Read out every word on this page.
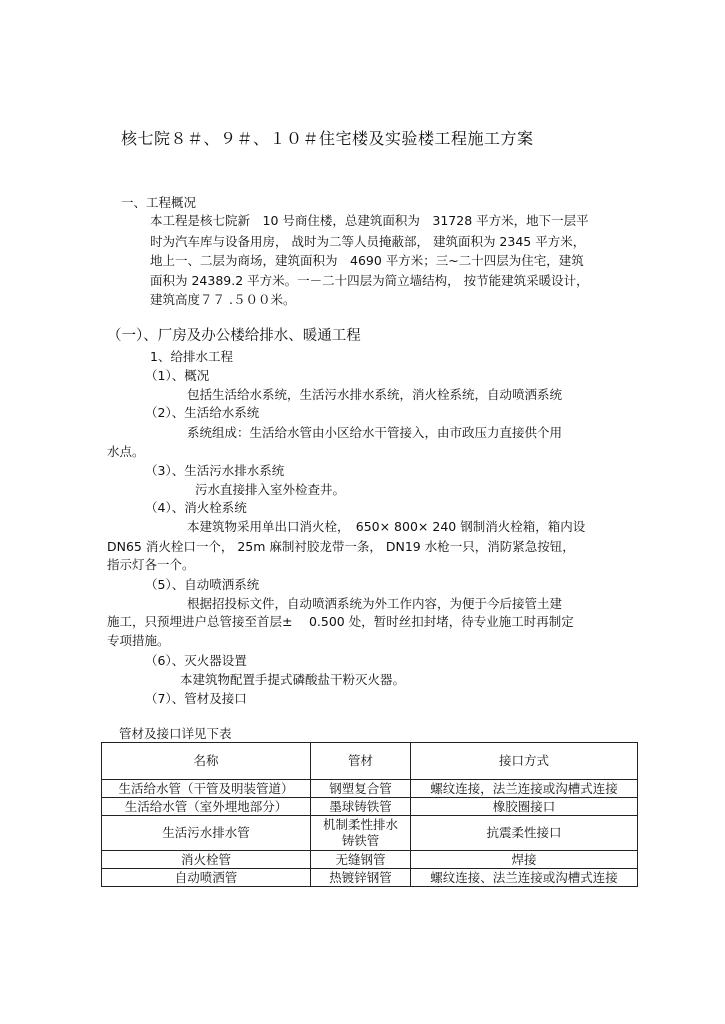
核七院８＃、９＃、１０＃住宅楼及实验楼工程施工方案
一、工程概况
本工程是核七院新　10 号商住楼，总建筑面积为　31728 平方米，地下一层平
时为汽车库与设备用房， 战时为二等人员掩蔽部， 建筑面积为 2345 平方米，
地上一、二层为商场，建筑面积为　4690 平方米；三~二十四层为住宅，建筑
面积为 24389.2 平方米。一－二十四层为简立墙结构， 按节能建筑采暖设计，
建筑高度７７ .５００米。
（一）、厂房及办公楼给排水、暖通工程
1、给排水工程
（1）、概况
包括生活给水系统，生活污水排水系统，消火栓系统，自动喷洒系统
（2）、生活给水系统
系统组成：生活给水管由小区给水干管接入，由市政压力直接供个用
水点。
（3）、生活污水排水系统
污水直接排入室外检查井。
（4）、消火栓系统
本建筑物采用单出口消火栓，　650× 800× 240 钢制消火栓箱，箱内设
DN65 消火栓口一个， 25m 麻制衬胶龙带一条， DN19 水枪一只，消防紧急按钮，
指示灯各一个。
（5）、自动喷洒系统
根据招投标文件，自动喷洒系统为外工作内容，为便于今后接管土建
施工，只预埋进户总管接至首层±　 0.500 处，暂时丝扣封堵，待专业施工时再制定
专项措施。
（6）、灭火器设置
本建筑物配置手提式磷酸盐干粉灭火器。
（7）、管材及接口
管材及接口详见下表
名称	管材	接口方式
生活给水管（干管及明装管道）	钢塑复合管	螺纹连接，法兰连接或沟槽式连接
生活给水管（室外埋地部分）	墨球铸铁管	橡胶圈接口
生活污水排水管	机制柔性排水铸铁管	抗震柔性接口
消火栓管	无缝钢管	焊接
自动喷洒管	热镀锌钢管	螺纹连接、法兰连接或沟槽式连接
